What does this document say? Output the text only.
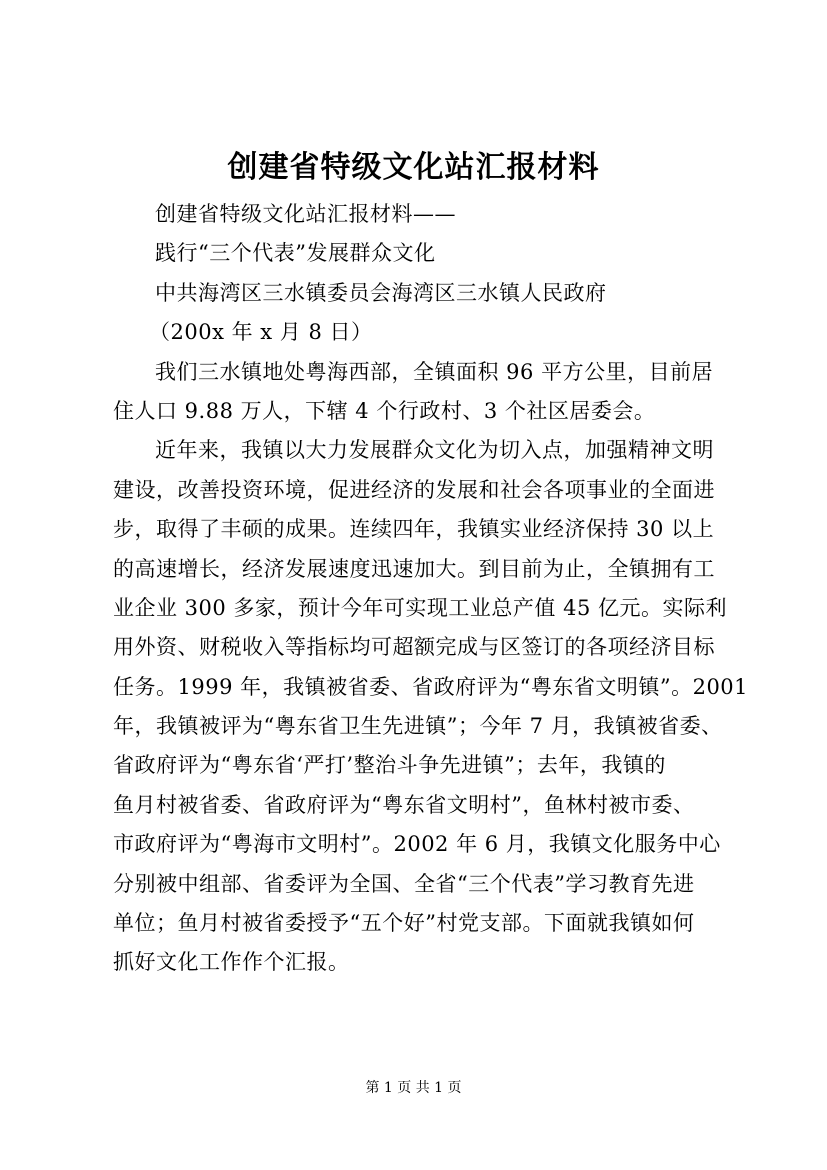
创建省特级文化站汇报材料
创建省特级文化站汇报材料——
践行“三个代表”发展群众文化
中共海湾区三水镇委员会海湾区三水镇人民政府
（200x 年 x 月 8 日）
我们三水镇地处粤海西部，全镇面积 96 平方公里，目前居
住人口 9.88 万人，下辖 4 个行政村、3 个社区居委会。
近年来，我镇以大力发展群众文化为切入点，加强精神文明
建设，改善投资环境，促进经济的发展和社会各项事业的全面进
步，取得了丰硕的成果。连续四年，我镇实业经济保持 30 以上
的高速增长，经济发展速度迅速加大。到目前为止，全镇拥有工
业企业 300 多家，预计今年可实现工业总产值 45 亿元。实际利
用外资、财税收入等指标均可超额完成与区签订的各项经济目标
任务。1999 年，我镇被省委、省政府评为“粤东省文明镇”。2001
年，我镇被评为“粤东省卫生先进镇”；今年 7 月，我镇被省委、
省政府评为“粤东省‘严打’整治斗争先进镇”；去年，我镇的
鱼月村被省委、省政府评为“粤东省文明村”，鱼林村被市委、
市政府评为“粤海市文明村”。2002 年 6 月，我镇文化服务中心
分别被中组部、省委评为全国、全省“三个代表”学习教育先进
单位；鱼月村被省委授予“五个好”村党支部。下面就我镇如何
抓好文化工作作个汇报。
第 1 页 共 1 页
